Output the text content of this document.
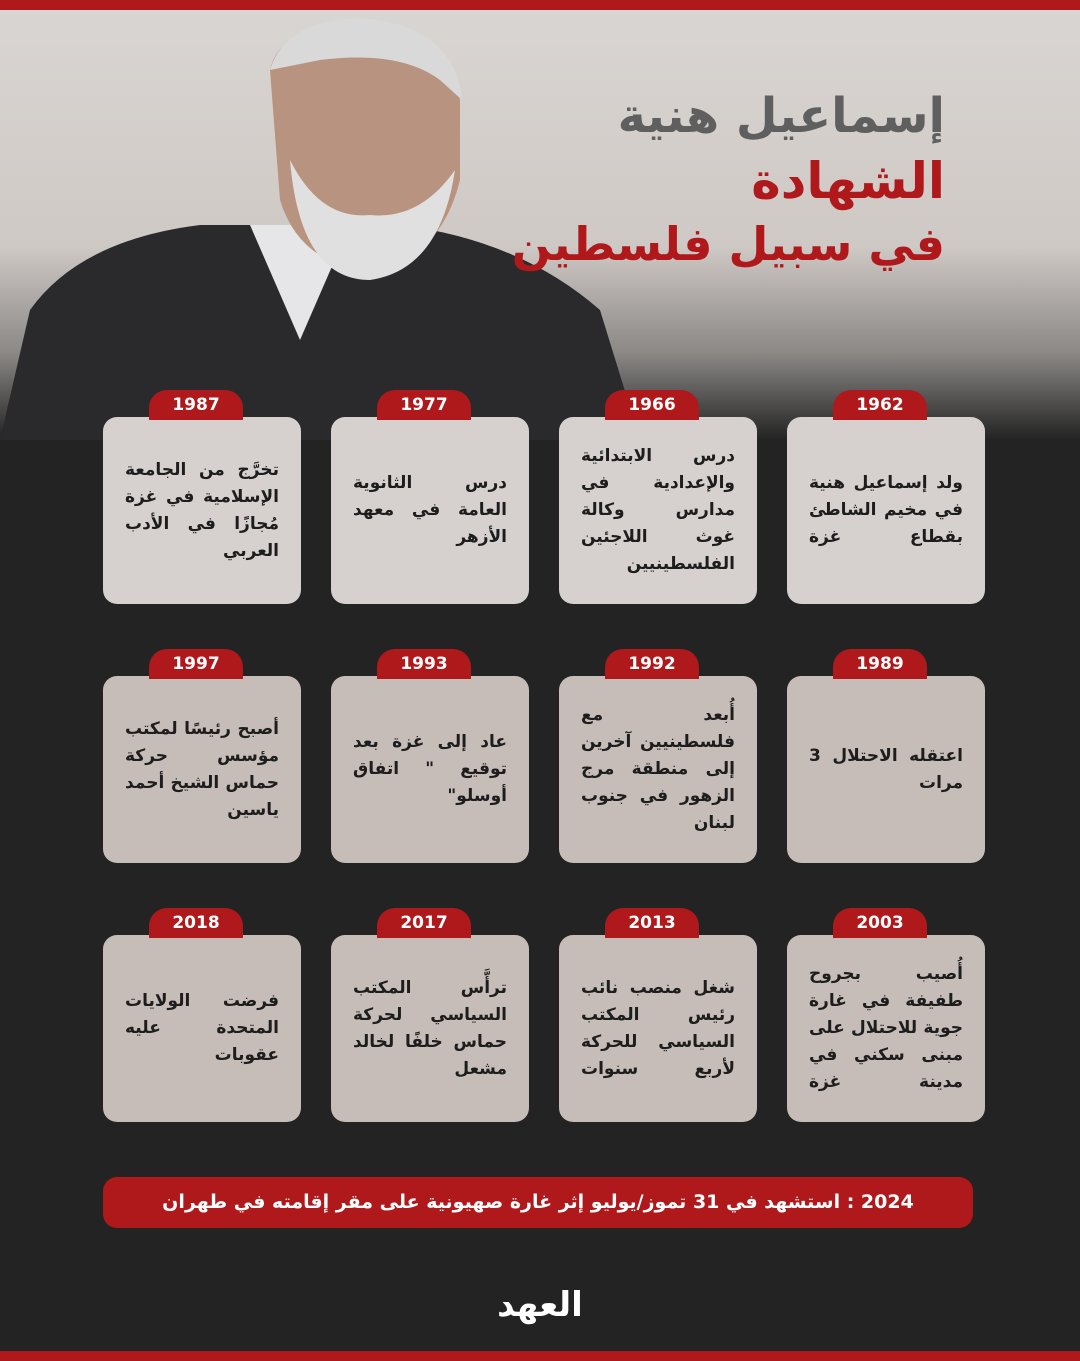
إسماعيل هنية
الشهادة
في سبيل فلسطين
1962

ولد إسماعيل هنية في مخيم الشاطئ بقطاع غزة

1966

درس الابتدائية والإعدادية في مدارس وكالة غوث اللاجئين الفلسطينيين

1977

درس الثانوية العامة في معهد الأزهر

1987

تخرَّج من الجامعة الإسلامية في غزة مُجازًا في الأدب العربي

1989

اعتقله الاحتلال 3 مرات

1992

أُبعد مع فلسطينيين آخرين إلى منطقة مرج الزهور في جنوب لبنان

1993

عاد إلى غزة بعد توقيع " اتفاق أوسلو"

1997

أصبح رئيسًا لمكتب مؤسس حركة حماس الشيخ أحمد ياسين

2003

أُصيب بجروح طفيفة في غارة جوية للاحتلال على مبنى سكني في مدينة غزة

2013

شغل منصب نائب رئيس المكتب السياسي للحركة لأربع سنوات

2017

ترأَّس المكتب السياسي لحركة حماس خلفًا لخالد مشعل

2018

فرضت الولايات المتحدة عليه عقوبات

2024 : استشهد في 31 تموز/يوليو إثر غارة صهيونية على مقر إقامته في طهران
العهد
